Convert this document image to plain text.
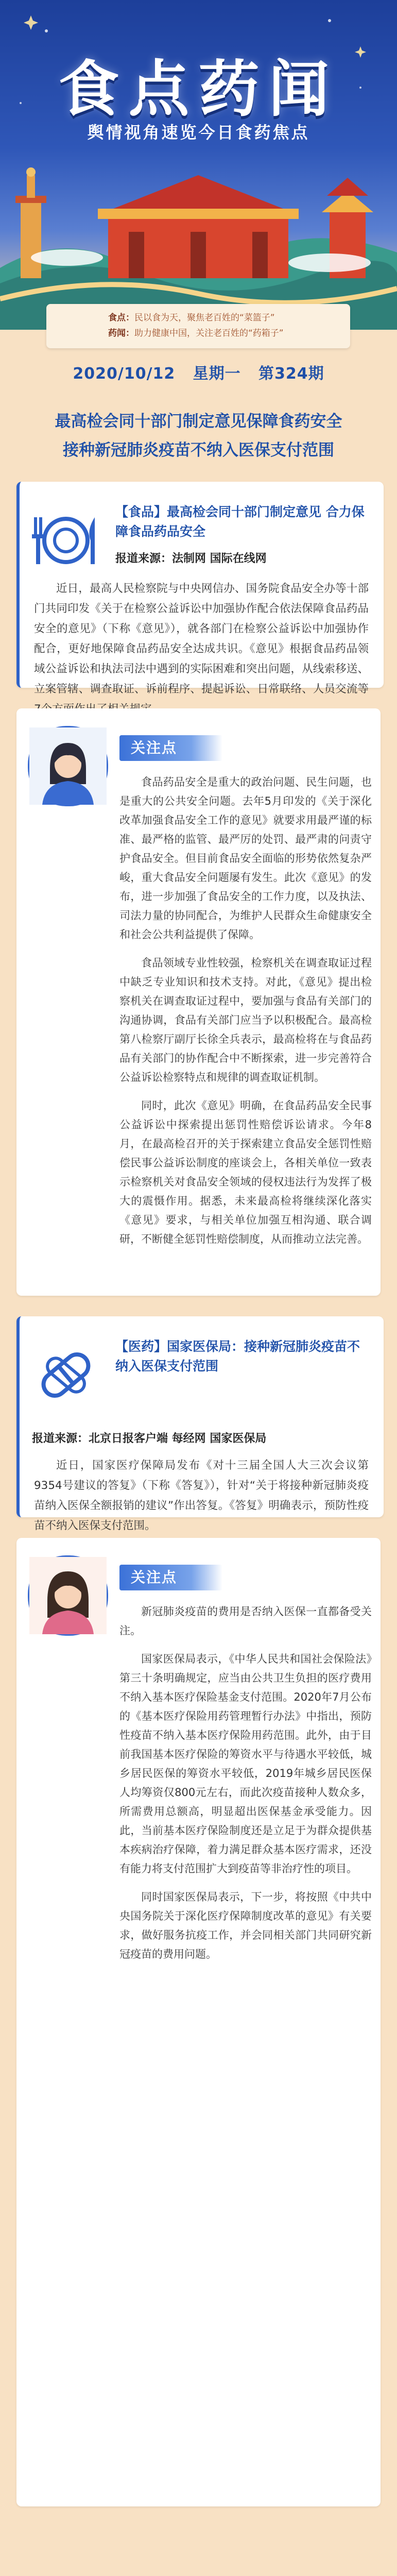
食点药闻
舆情视角速览今日食药焦点
食点：民以食为天，聚焦老百姓的“菜篮子”
药闻：助力健康中国，关注老百姓的“药箱子”
2020/10/12 星期一 第324期
最高检会同十部门制定意见保障食药安全
接种新冠肺炎疫苗不纳入医保支付范围
【食品】最高检会同十部门制定意见 合力保障食品药品安全
报道来源：法制网 国际在线网

近日，最高人民检察院与中央网信办、国务院食品安全办等十部门共同印发《关于在检察公益诉讼中加强协作配合依法保障食品药品安全的意见》（下称《意见》），就各部门在检察公益诉讼中加强协作配合，更好地保障食品药品安全达成共识。《意见》根据食品药品领域公益诉讼和执法司法中遇到的实际困难和突出问题，从线索移送、立案管辖、调查取证、诉前程序、提起诉讼、日常联络、人员交流等

关注点

食品药品安全是重大的政治问题、民生问题，也是重大的公共安全问题。去年5月印发的《关于深化改革加强食品安全工作的意见》就要求用最严谨的标准、最严格的监管、最严厉的处罚、最严肃的问责守护食品安全。但目前食品安全面临的形势依然复杂严峻，重大食品安全问题屡有发生。此次《意见》的发布，进一步加强了食品安全的工作力度，以及执法、司法力量的协同配合，为维护人民群众生命健康安全和社会公共利益提供了保障。

食品领域专业性较强，检察机关在调查取证过程中缺乏专业知识和技术支持。对此，《意见》提出检察机关在调查取证过程中，要加强与食品有关部门的沟通协调，食品有关部门应当予以积极配合。最高检第八检察厅副厅长徐全兵表示，最高检将在与食品药品有关部门的协作配合中不断探索，进一步完善符合公益诉讼检察特点和规律的调查取证机制。

同时，此次《意见》明确，在食品药品安全民事公益诉讼中探索提出惩罚性赔偿诉讼请求。今年8月，在最高检召开的关于探索建立食品安全惩罚性赔偿民事公益诉讼制度的座谈会上，各相关单位一致表示检察机关对食品安全领域的侵权违法行为发挥了极大的震慑作用。据悉，未来最高检将继续深化落实《意见》要求，与相关单位加强互相沟通、联合调研，不断健全惩罚性赔偿制度，从而推动立法完善。

【医药】国家医保局：接种新冠肺炎疫苗不纳入医保支付范围
报道来源：北京日报客户端 每经网 国家医保局

近日，国家医疗保障局发布《对十三届全国人大三次会议第9354号建议的答复》（下称《答复》），针对“关于将接种新冠肺炎疫苗纳入医保全额报销的建议”作出答复。《答复》明确表示，预防性疫苗不纳入医保支付范围。

关注点

新冠肺炎疫苗的费用是否纳入医保一直都备受关注。

国家医保局表示，《中华人民共和国社会保险法》第三十条明确规定，应当由公共卫生负担的医疗费用不纳入基本医疗保险基金支付范围。2020年7月公布的《基本医疗保险用药管理暂行办法》中指出，预防性疫苗不纳入基本医疗保险用药范围。此外，由于目前我国基本医疗保险的筹资水平与待遇水平较低，城乡居民医保的筹资水平较低，2019年城乡居民医保人均筹资仅800元左右，而此次疫苗接种人数众多，所需费用总额高，明显超出医保基金承受能力。因此，当前基本医疗保险制度还是立足于为群众提供基本疾病治疗保障，着力满足群众基本医疗需求，还没有能力将支付范围扩大到疫苗等非治疗性的项目。

同时国家医保局表示，下一步，将按照《中共中央国务院关于深化医疗保障制度改革的意见》有关要求，做好服务抗疫工作，并会同相关部门共同研究新冠疫苗的费用问题。
